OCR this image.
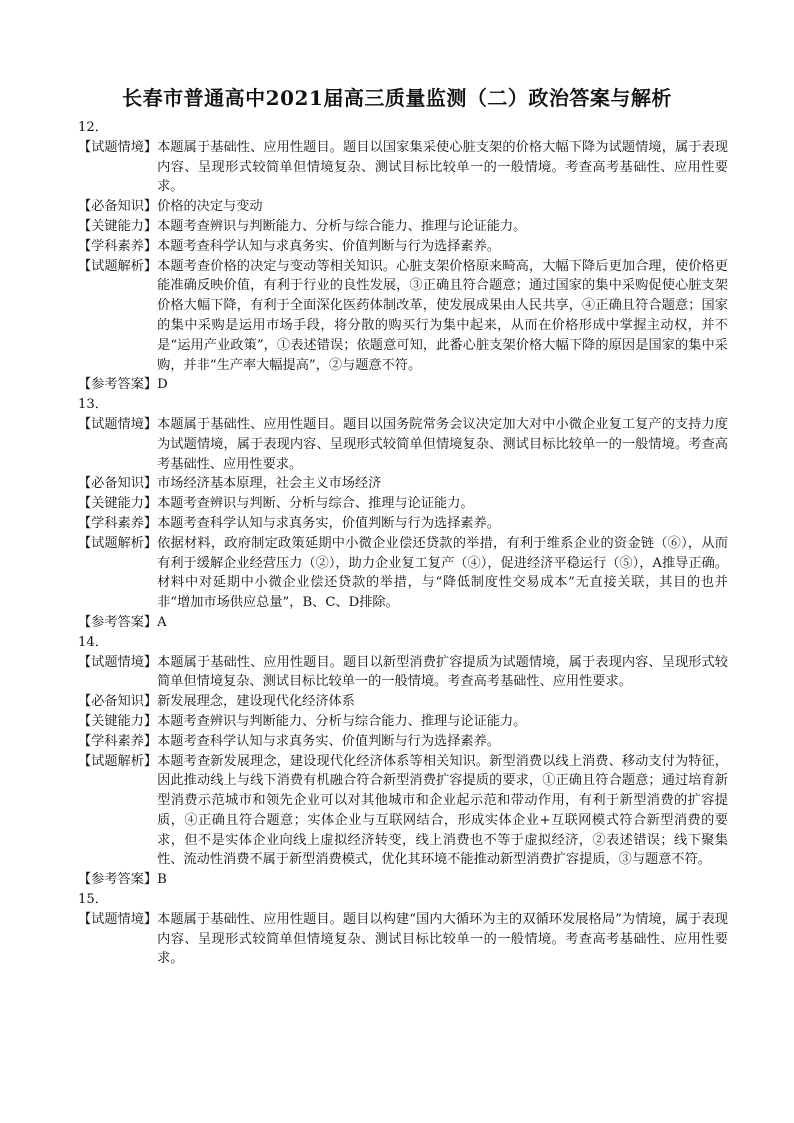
长春市普通高中2021届高三质量监测（二）政治答案与解析
12．
【试题情境】 本题属于基础性、应用性题目。题目以国家集采使心脏支架的价格大幅下降为试题情境，属于表现内容、呈现形式较简单但情境复杂、测试目标比较单一的一般情境。考查高考基础性、应用性要求。
【必备知识】 价格的决定与变动
【关键能力】 本题考查辨识与判断能力、分析与综合能力、推理与论证能力。
【学科素养】 本题考查科学认知与求真务实、价值判断与行为选择素养。
【试题解析】 本题考查价格的决定与变动等相关知识。心脏支架价格原来畸高，大幅下降后更加合理，使价格更能准确反映价值，有利于行业的良性发展，③正确且符合题意；通过国家的集中采购促使心脏支架价格大幅下降，有利于全面深化医药体制改革，使发展成果由人民共享，④正确且符合题意；国家的集中采购是运用市场手段，将分散的购买行为集中起来，从而在价格形成中掌握主动权，并不是“运用产业政策”，①表述错误；依题意可知，此番心脏支架价格大幅下降的原因是国家的集中采购，并非“生产率大幅提高”，②与题意不符。
【参考答案】 D
13．
【试题情境】 本题属于基础性、应用性题目。题目以国务院常务会议决定加大对中小微企业复工复产的支持力度为试题情境，属于表现内容、呈现形式较简单但情境复杂、测试目标比较单一的一般情境。考查高考基础性、应用性要求。
【必备知识】 市场经济基本原理，社会主义市场经济
【关键能力】 本题考查辨识与判断、分析与综合、推理与论证能力。
【学科素养】 本题考查科学认知与求真务实，价值判断与行为选择素养。
【试题解析】 依据材料，政府制定政策延期中小微企业偿还贷款的举措，有利于维系企业的资金链（⑥），从而有利于缓解企业经营压力（②），助力企业复工复产（④），促进经济平稳运行（⑤），A推导正确。材料中对延期中小微企业偿还贷款的举措，与“降低制度性交易成本”无直接关联，其目的也并非“增加市场供应总量”，B、C、D排除。
【参考答案】 A
14．
【试题情境】 本题属于基础性、应用性题目。题目以新型消费扩容提质为试题情境，属于表现内容、呈现形式较简单但情境复杂、测试目标比较单一的一般情境。考查高考基础性、应用性要求。
【必备知识】 新发展理念，建设现代化经济体系
【关键能力】 本题考查辨识与判断能力、分析与综合能力、推理与论证能力。
【学科素养】 本题考查科学认知与求真务实、价值判断与行为选择素养。
【试题解析】 本题考查新发展理念，建设现代化经济体系等相关知识。新型消费以线上消费、移动支付为特征，因此推动线上与线下消费有机融合符合新型消费扩容提质的要求，①正确且符合题意；通过培育新型消费示范城市和领先企业可以对其他城市和企业起示范和带动作用，有利于新型消费的扩容提质，④正确且符合题意；实体企业与互联网结合，形成实体企业+互联网模式符合新型消费的要求，但不是实体企业向线上虚拟经济转变，线上消费也不等于虚拟经济，②表述错误；线下聚集性、流动性消费不属于新型消费模式，优化其环境不能推动新型消费扩容提质，③与题意不符。
【参考答案】 B
15．
【试题情境】 本题属于基础性、应用性题目。题目以构建“国内大循环为主的双循环发展格局”为情境，属于表现内容、呈现形式较简单但情境复杂、测试目标比较单一的一般情境。考查高考基础性、应用性要求。
